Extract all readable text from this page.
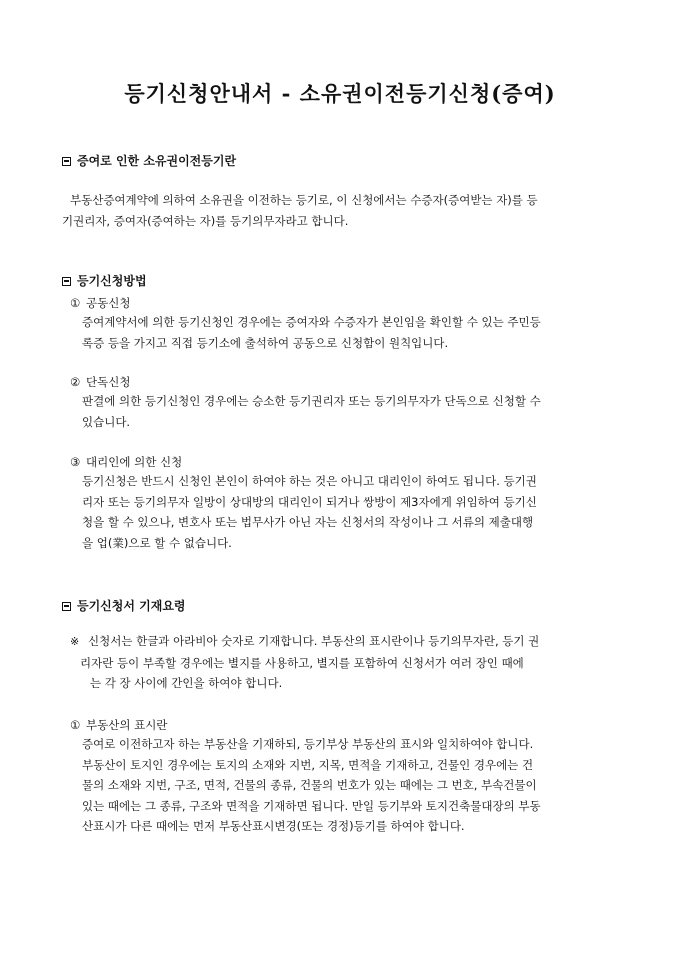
등기신청안내서 - 소유권이전등기신청(증여)
증여로 인한 소유권이전등기란
부동산증여계약에 의하여 소유권을 이전하는 등기로, 이 신청에서는 수증자(증여받는 자)를 등
기권리자, 증여자(증여하는 자)를 등기의무자라고 합니다.
등기신청방법
① 공동신청
증여계약서에 의한 등기신청인 경우에는 증여자와 수증자가 본인임을 확인할 수 있는 주민등
록증 등을 가지고 직접 등기소에 출석하여 공동으로 신청함이 원칙입니다.
② 단독신청
판결에 의한 등기신청인 경우에는 승소한 등기권리자 또는 등기의무자가 단독으로 신청할 수
있습니다.
③ 대리인에 의한 신청
등기신청은 반드시 신청인 본인이 하여야 하는 것은 아니고 대리인이 하여도 됩니다. 등기권
리자 또는 등기의무자 일방이 상대방의 대리인이 되거나 쌍방이 제3자에게 위임하여 등기신
청을 할 수 있으나, 변호사 또는 법무사가 아닌 자는 신청서의 작성이나 그 서류의 제출대행
을 업(業)으로 할 수 없습니다.
등기신청서 기재요령
※ 신청서는 한글과 아라비아 숫자로 기재합니다. 부동산의 표시란이나 등기의무자란, 등기 권
리자란 등이 부족할 경우에는 별지를 사용하고, 별지를 포함하여 신청서가 여러 장인 때에
는 각 장 사이에 간인을 하여야 합니다.
① 부동산의 표시란
증여로 이전하고자 하는 부동산을 기재하되, 등기부상 부동산의 표시와 일치하여야 합니다.
부동산이 토지인 경우에는 토지의 소재와 지번, 지목, 면적을 기재하고, 건물인 경우에는 건
물의 소재와 지번, 구조, 면적, 건물의 종류, 건물의 번호가 있는 때에는 그 번호, 부속건물이
있는 때에는 그 종류, 구조와 면적을 기재하면 됩니다. 만일 등기부와 토지건축물대장의 부동
산표시가 다른 때에는 먼저 부동산표시변경(또는 경정)등기를 하여야 합니다.
